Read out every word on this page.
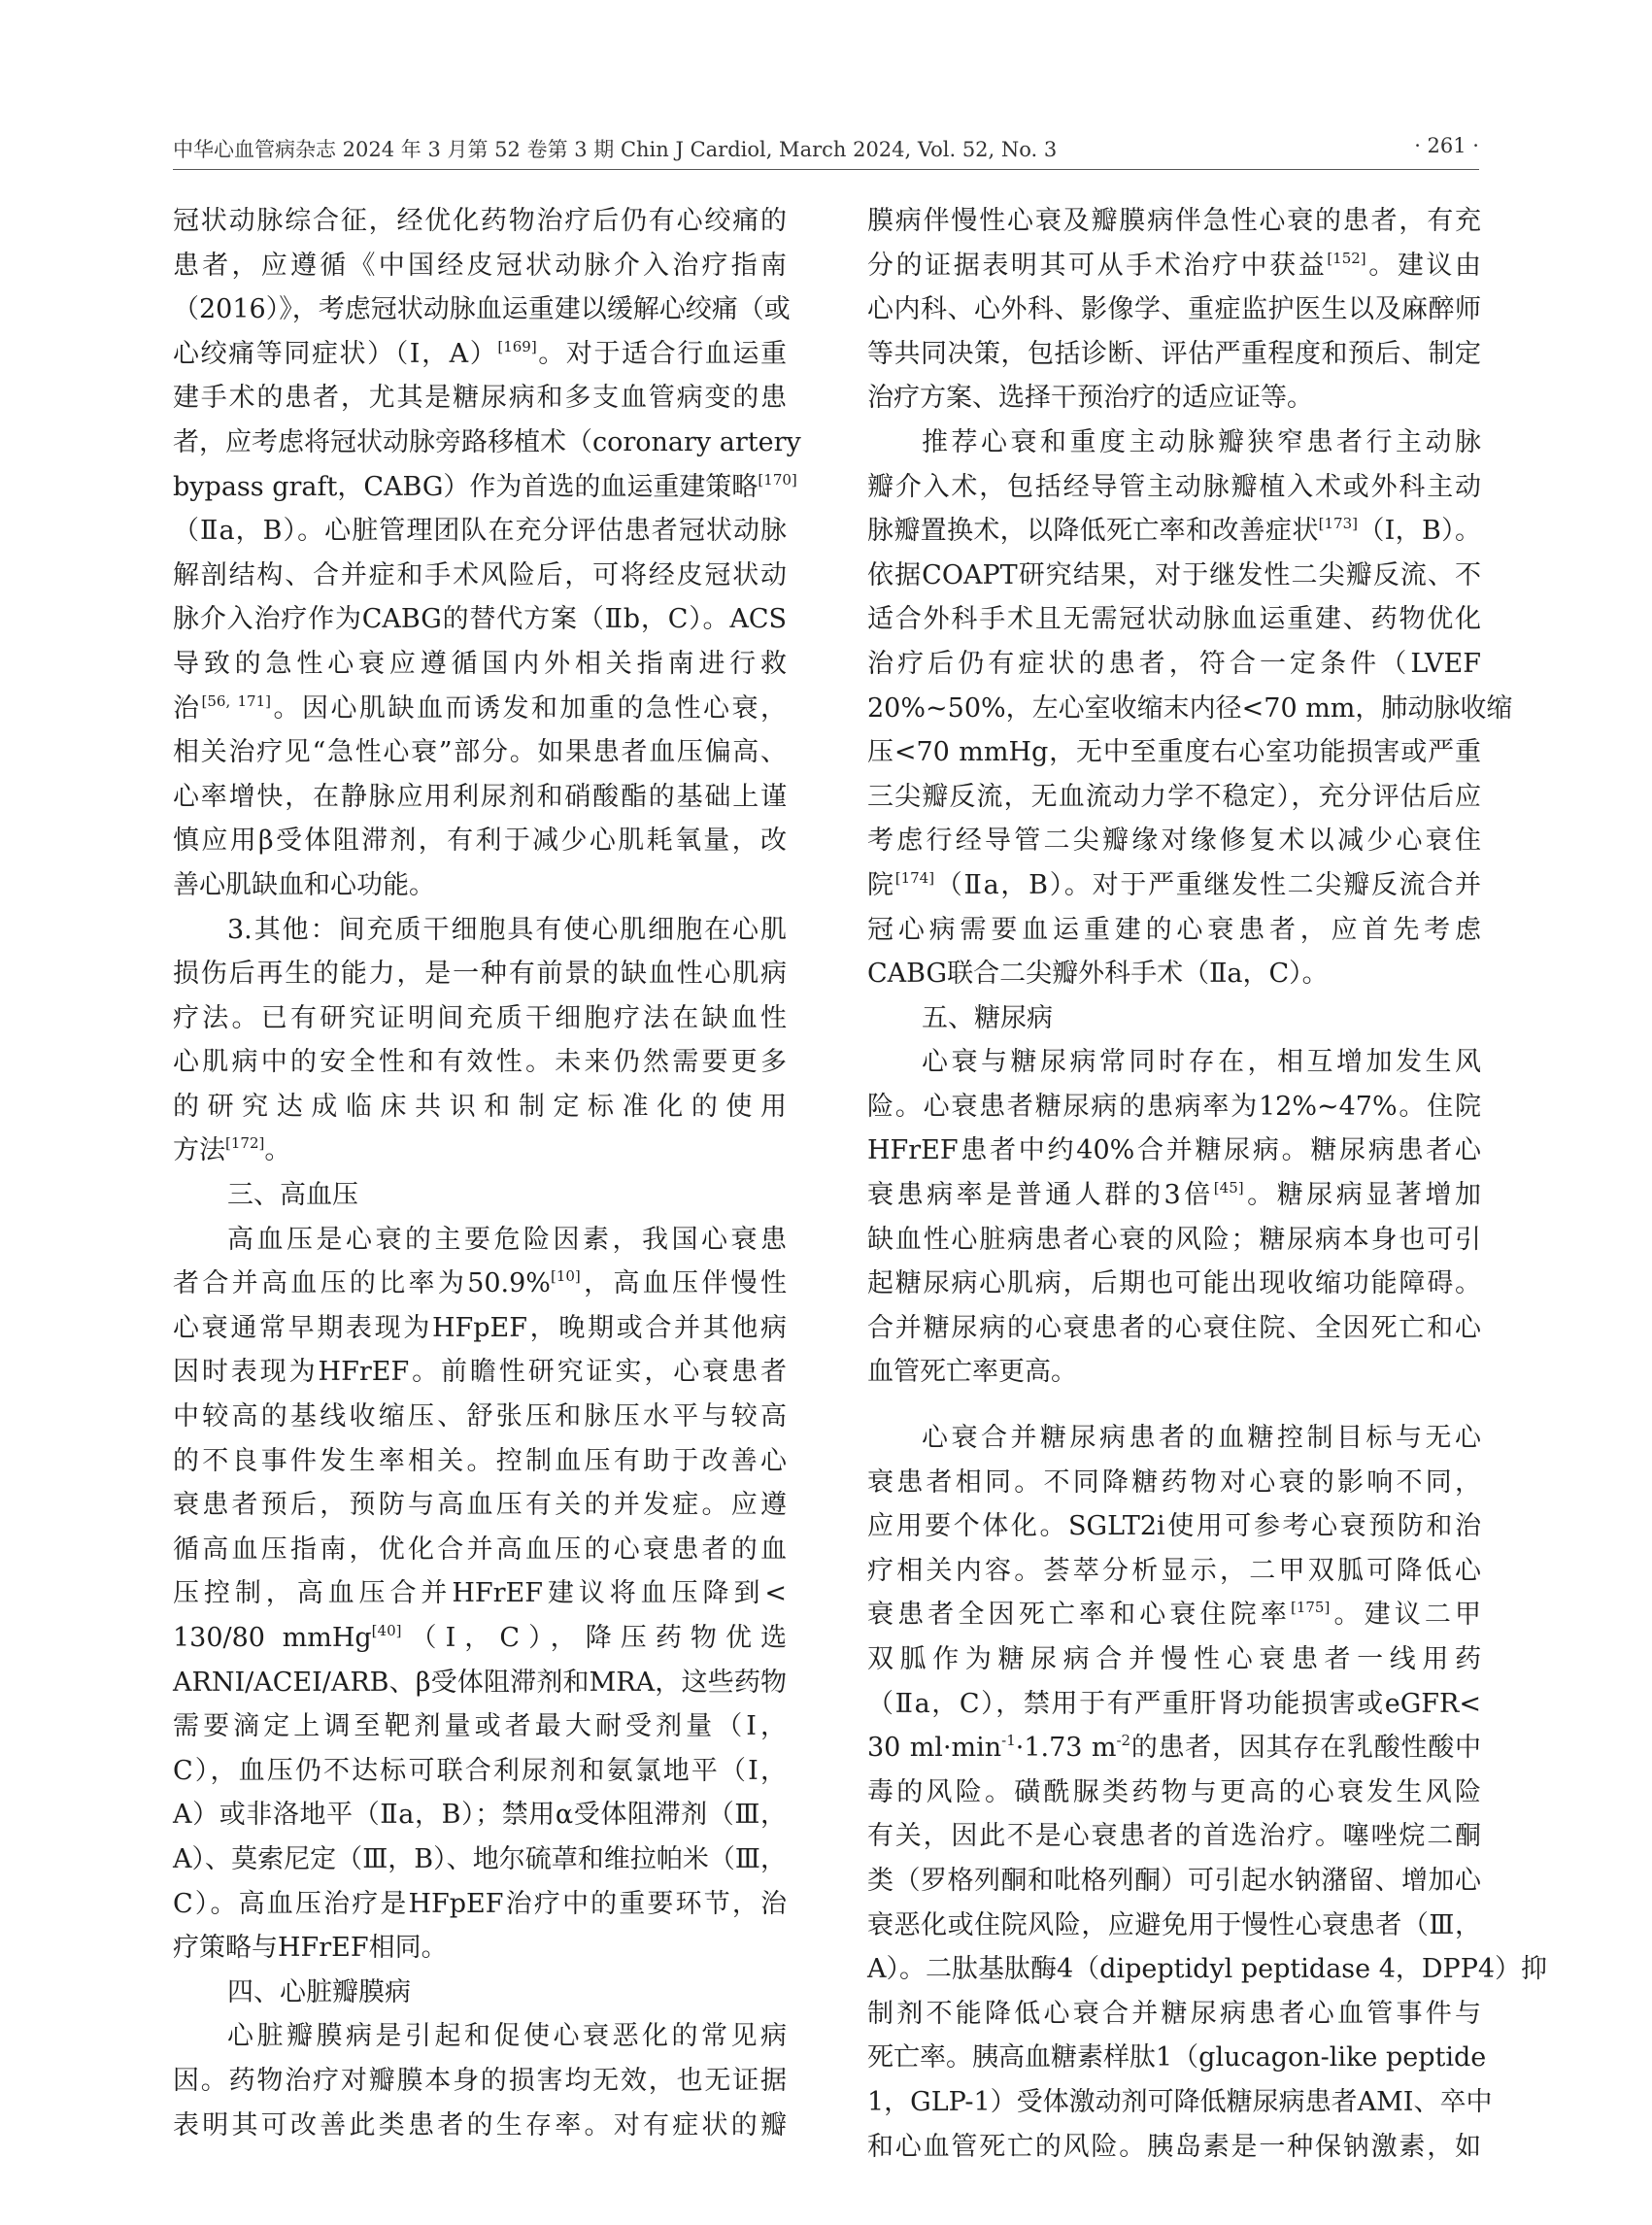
中华心血管病杂志 2024 年 3 月第 52 卷第 3 期 Chin J Cardiol, March 2024, Vol. 52, No. 3	· 261 ·
冠状动脉综合征，经优化药物治疗后仍有心绞痛的
患者，应遵循《中国经皮冠状动脉介入治疗指南
（2016）》，考虑冠状动脉血运重建以缓解心绞痛（或
心绞痛等同症状）（Ⅰ，A）[169]。对于适合行血运重
建手术的患者，尤其是糖尿病和多支血管病变的患
者，应考虑将冠状动脉旁路移植术（coronary artery
bypass graft，CABG）作为首选的血运重建策略[170]
（Ⅱa，B）。心脏管理团队在充分评估患者冠状动脉
解剖结构、合并症和手术风险后，可将经皮冠状动
脉介入治疗作为CABG的替代方案（Ⅱb，C）。ACS
导致的急性心衰应遵循国内外相关指南进行救
治[56, 171]。因心肌缺血而诱发和加重的急性心衰，
相关治疗见“急性心衰”部分。如果患者血压偏高、
心率增快，在静脉应用利尿剂和硝酸酯的基础上谨
慎应用β受体阻滞剂，有利于减少心肌耗氧量，改
善心肌缺血和心功能。
3.其他：间充质干细胞具有使心肌细胞在心肌
损伤后再生的能力，是一种有前景的缺血性心肌病
疗法。已有研究证明间充质干细胞疗法在缺血性
心肌病中的安全性和有效性。未来仍然需要更多
的研究达成临床共识和制定标准化的使用
方法[172]。
三、高血压
高血压是心衰的主要危险因素，我国心衰患
者合并高血压的比率为50.9%[10]，高血压伴慢性
心衰通常早期表现为HFpEF，晚期或合并其他病
因时表现为HFrEF。前瞻性研究证实，心衰患者
中较高的基线收缩压、舒张压和脉压水平与较高
的不良事件发生率相关。控制血压有助于改善心
衰患者预后，预防与高血压有关的并发症。应遵
循高血压指南，优化合并高血压的心衰患者的血
压控制，高血压合并HFrEF建议将血压降到<
130/80 mmHg[40]（Ⅰ，C），降压药物优选
ARNI/ACEI/ARB、β受体阻滞剂和MRA，这些药物
需要滴定上调至靶剂量或者最大耐受剂量（Ⅰ，
C），血压仍不达标可联合利尿剂和氨氯地平（Ⅰ，
A）或非洛地平（Ⅱa，B）；禁用α受体阻滞剂（Ⅲ，
A）、莫索尼定（Ⅲ，B）、地尔硫䓬和维拉帕米（Ⅲ，
C）。高血压治疗是HFpEF治疗中的重要环节，治
疗策略与HFrEF相同。
四、心脏瓣膜病
心脏瓣膜病是引起和促使心衰恶化的常见病
因。药物治疗对瓣膜本身的损害均无效，也无证据
表明其可改善此类患者的生存率。对有症状的瓣
膜病伴慢性心衰及瓣膜病伴急性心衰的患者，有充
分的证据表明其可从手术治疗中获益[152]。建议由
心内科、心外科、影像学、重症监护医生以及麻醉师
等共同决策，包括诊断、评估严重程度和预后、制定
治疗方案、选择干预治疗的适应证等。
推荐心衰和重度主动脉瓣狭窄患者行主动脉
瓣介入术，包括经导管主动脉瓣植入术或外科主动
脉瓣置换术，以降低死亡率和改善症状[173]（Ⅰ，B）。
依据COAPT研究结果，对于继发性二尖瓣反流、不
适合外科手术且无需冠状动脉血运重建、药物优化
治疗后仍有症状的患者，符合一定条件（LVEF
20%~50%，左心室收缩末内径<70 mm，肺动脉收缩
压<70 mmHg，无中至重度右心室功能损害或严重
三尖瓣反流，无血流动力学不稳定），充分评估后应
考虑行经导管二尖瓣缘对缘修复术以减少心衰住
院[174]（Ⅱa，B）。对于严重继发性二尖瓣反流合并
冠心病需要血运重建的心衰患者，应首先考虑
CABG联合二尖瓣外科手术（Ⅱa，C）。
五、糖尿病
心衰与糖尿病常同时存在，相互增加发生风
险。心衰患者糖尿病的患病率为12%~47%。住院
HFrEF患者中约40%合并糖尿病。糖尿病患者心
衰患病率是普通人群的3倍[45]。糖尿病显著增加
缺血性心脏病患者心衰的风险；糖尿病本身也可引
起糖尿病心肌病，后期也可能出现收缩功能障碍。
合并糖尿病的心衰患者的心衰住院、全因死亡和心
血管死亡率更高。
心衰合并糖尿病患者的血糖控制目标与无心
衰患者相同。不同降糖药物对心衰的影响不同，
应用要个体化。SGLT2i使用可参考心衰预防和治
疗相关内容。荟萃分析显示，二甲双胍可降低心
衰患者全因死亡率和心衰住院率[175]。建议二甲
双胍作为糖尿病合并慢性心衰患者一线用药
（Ⅱa，C），禁用于有严重肝肾功能损害或eGFR<
30 $ml\cdot\min^{-1}\cdot 1.73$ $m^{-2}$的患者，因其存在乳酸性酸中
毒的风险。磺酰脲类药物与更高的心衰发生风险
有关，因此不是心衰患者的首选治疗。噻唑烷二酮
类（罗格列酮和吡格列酮）可引起水钠潴留、增加心
衰恶化或住院风险，应避免用于慢性心衰患者（Ⅲ，
A）。二肽基肽酶4（dipeptidyl peptidase 4，DPP4）抑
制剂不能降低心衰合并糖尿病患者心血管事件与
死亡率。胰高血糖素样肽1（glucagon-like peptide
1，GLP-1）受体激动剂可降低糖尿病患者AMI、卒中
和心血管死亡的风险。胰岛素是一种保钠激素，如
